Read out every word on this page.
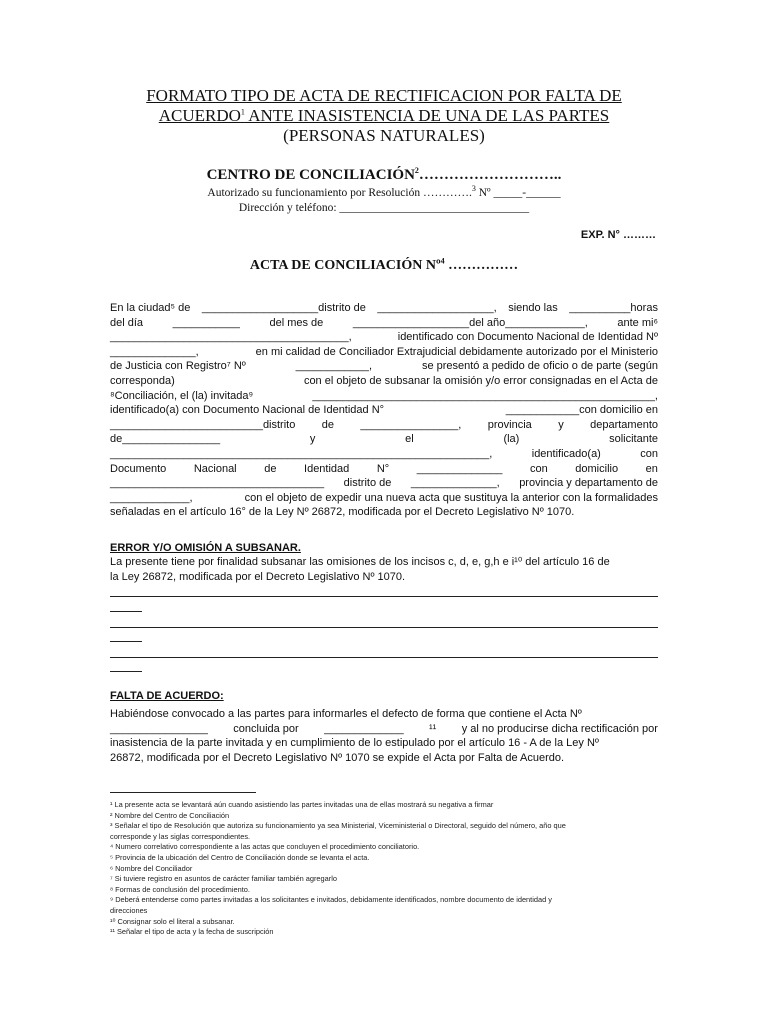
FORMATO TIPO DE ACTA DE RECTIFICACION POR FALTA DE
ACUERDO$^1$ ANTE INASISTENCIA DE UNA DE LAS PARTES
(PERSONAS NATURALES)
CENTRO DE CONCILIACIÓN$^2$………………………..
Autorizado su funcionamiento por Resolución ………….$^3$ Nº _____-______
Dirección y teléfono: _________________________________
EXP. N° ………
ACTA DE CONCILIACIÓN Nº$^4$ ……………
En la ciudad⁵ de ___________________distrito de ___________________, siendo las __________horas
del día	___________	del mes de	___________________del año_____________,	ante mi⁶
_______________________________________,	identificado con Documento Nacional de Identidad Nº
______________,	en mi calidad de Conciliador Extrajudicial debidamente autorizado por el Ministerio
de Justicia con Registro⁷ Nº	____________,	se presentó a pedido de oficio o de parte (según
corresponda)	con el objeto de subsanar la omisión y/o error consignadas en el Acta de
⁸Conciliación, el (la) invitada⁹	________________________________________________________,
identificado(a) con Documento Nacional de Identidad N°	____________con domicilio en
_________________________distrito de ________________, provincia y departamento
de________________	y	el	(la)	solicitante
______________________________________________________________,	identificado(a)	con
Documento	Nacional	de	Identidad	N°	______________	con	domicilio	en
___________________________________ distrito de ______________, provincia y departamento de
_____________,	con el objeto de expedir una nueva acta que sustituya la anterior con la formalidades
señaladas en el artículo 16° de la Ley Nº 26872, modificada por el Decreto Legislativo Nº 1070.
ERROR Y/O OMISIÓN A SUBSANAR.
La presente tiene por finalidad subsanar las omisiones de los incisos c, d, e, g,h e i¹⁰ del artículo 16 de
la Ley 26872, modificada por el Decreto Legislativo Nº 1070.
FALTA DE ACUERDO:
Habiéndose convocado a las partes para informarles el defecto de forma que contiene el Acta Nº
________________ concluida por _____________ ¹¹ y al no producirse dicha rectificación por
inasistencia de la parte invitada y en cumplimiento de lo estipulado por el artículo 16 - A de la Ley Nº
26872, modificada por el Decreto Legislativo Nº 1070 se expide el Acta por Falta de Acuerdo.
¹ La presente acta se levantará aún cuando asistiendo las partes invitadas una de ellas mostrará su negativa a firmar
² Nombre del Centro de Conciliación
³ Señalar el tipo de Resolución que autoriza su funcionamiento ya sea Ministerial, Viceministerial o Directoral, seguido del número, año que
corresponde y las siglas correspondientes.
⁴ Numero correlativo correspondiente a las actas que concluyen el procedimiento conciliatorio.
⁵ Provincia de la ubicación del Centro de Conciliación donde se levanta el acta.
⁶ Nombre del Conciliador
⁷ Si tuviere registro en asuntos de carácter familiar también agregarlo
⁸ Formas de conclusión del procedimiento.
⁹ Deberá entenderse como partes invitadas a los solicitantes e invitados, debidamente identificados, nombre documento de identidad y
direcciones
¹⁰ Consignar solo el literal a subsanar.
¹¹ Señalar el tipo de acta y la fecha de suscripción
